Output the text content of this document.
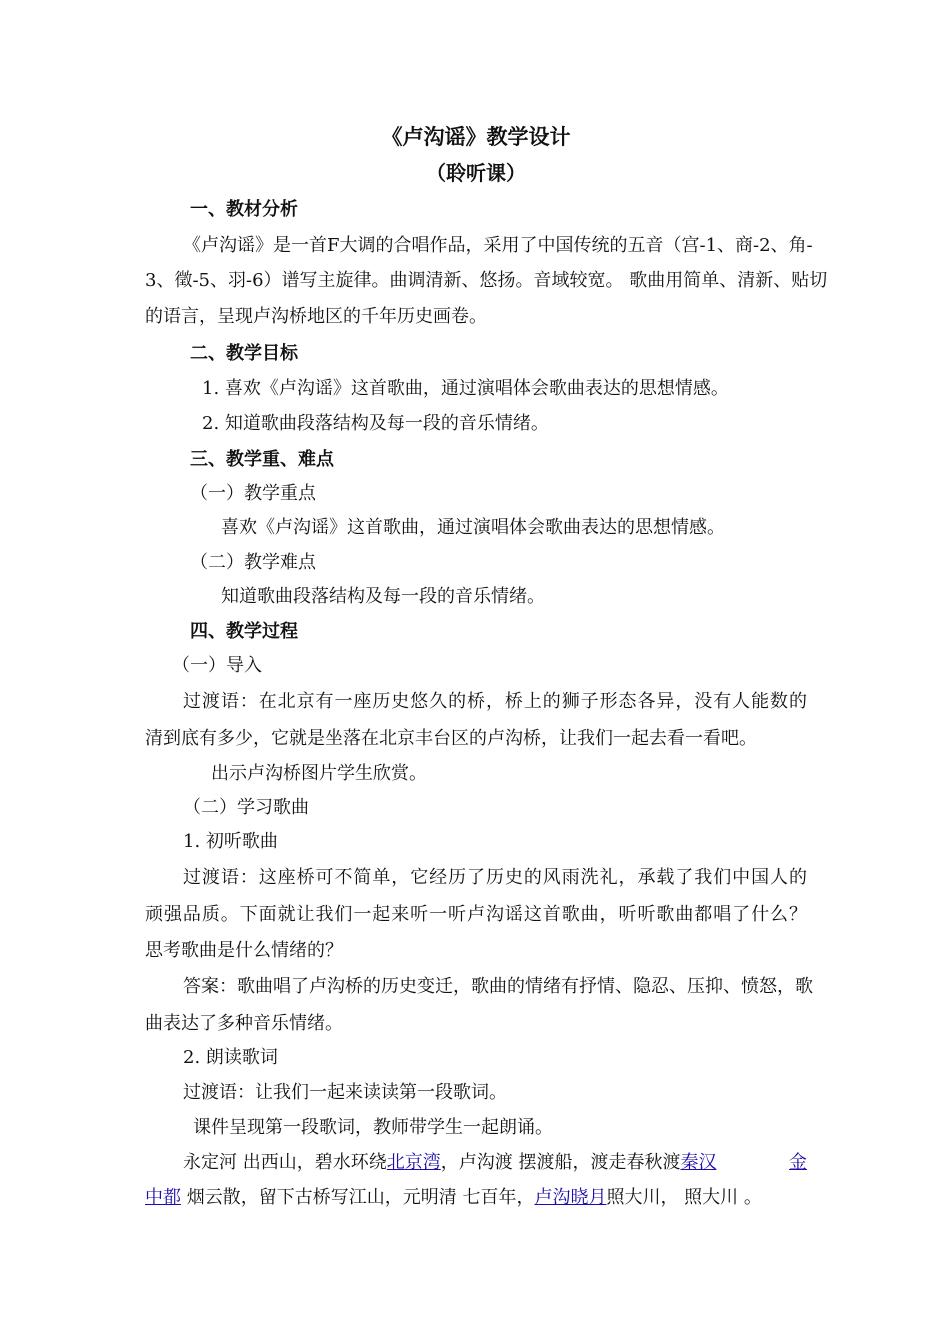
《卢沟谣》教学设计
（聆听课）
一、教材分析
《卢沟谣》是一首F大调的合唱作品，采用了中国传统的五音（宫-1、商-2、角-
3、徵-5、羽-6）谱写主旋律。曲调清新、悠扬。音域较宽。 歌曲用简单、清新、贴切
的语言，呈现卢沟桥地区的千年历史画卷。
二、教学目标
1. 喜欢《卢沟谣》这首歌曲，通过演唱体会歌曲表达的思想情感。
2. 知道歌曲段落结构及每一段的音乐情绪。
三、教学重、难点
（一）教学重点
喜欢《卢沟谣》这首歌曲，通过演唱体会歌曲表达的思想情感。
（二）教学难点
知道歌曲段落结构及每一段的音乐情绪。
四、教学过程
（一）导入
过渡语：在北京有一座历史悠久的桥，桥上的狮子形态各异，没有人能数的
清到底有多少，它就是坐落在北京丰台区的卢沟桥，让我们一起去看一看吧。
出示卢沟桥图片学生欣赏。
（二）学习歌曲
1. 初听歌曲
过渡语：这座桥可不简单，它经历了历史的风雨洗礼，承载了我们中国人的
顽强品质。下面就让我们一起来听一听卢沟谣这首歌曲，听听歌曲都唱了什么？
思考歌曲是什么情绪的？
答案：歌曲唱了卢沟桥的历史变迁，歌曲的情绪有抒情、隐忍、压抑、愤怒，歌
曲表达了多种音乐情绪。
2. 朗读歌词
过渡语：让我们一起来读读第一段歌词。
课件呈现第一段歌词，教师带学生一起朗诵。
永定河 出西山，碧水环绕北京湾，卢沟渡 摆渡船，渡走春秋渡秦汉	金
中都 烟云散，留下古桥写江山，元明清 七百年，卢沟晓月照大川， 照大川 。
